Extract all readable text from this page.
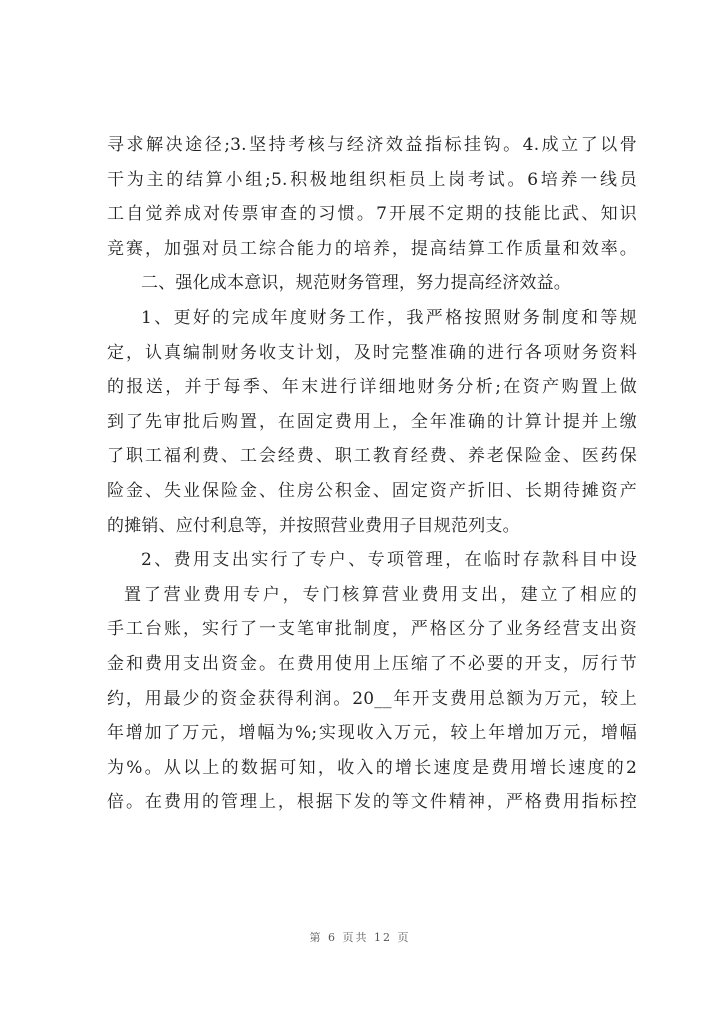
寻求解决途径;3.坚持考核与经济效益指标挂钩。4.成立了以骨
干为主的结算小组;5.积极地组织柜员上岗考试。6培养一线员
工自觉养成对传票审查的习惯。7开展不定期的技能比武、知识
竞赛，加强对员工综合能力的培养，提高结算工作质量和效率。
二、强化成本意识，规范财务管理，努力提高经济效益。
1、更好的完成年度财务工作，我严格按照财务制度和等规
定，认真编制财务收支计划，及时完整准确的进行各项财务资料
的报送，并于每季、年末进行详细地财务分析;在资产购置上做
到了先审批后购置，在固定费用上，全年准确的计算计提并上缴
了职工福利费、工会经费、职工教育经费、养老保险金、医药保
险金、失业保险金、住房公积金、固定资产折旧、长期待摊资产
的摊销、应付利息等，并按照营业费用子目规范列支。
2、费用支出实行了专户、专项管理，在临时存款科目中设
置了营业费用专户，专门核算营业费用支出，建立了相应的
手工台账，实行了一支笔审批制度，严格区分了业务经营支出资
金和费用支出资金。在费用使用上压缩了不必要的开支，厉行节
约，用最少的资金获得利润。20__年开支费用总额为万元，较上
年增加了万元，增幅为%;实现收入万元，较上年增加万元，增幅
为%。从以上的数据可知，收入的增长速度是费用增长速度的2
倍。在费用的管理上，根据下发的等文件精神，严格费用指标控
第 6 页共 12 页
